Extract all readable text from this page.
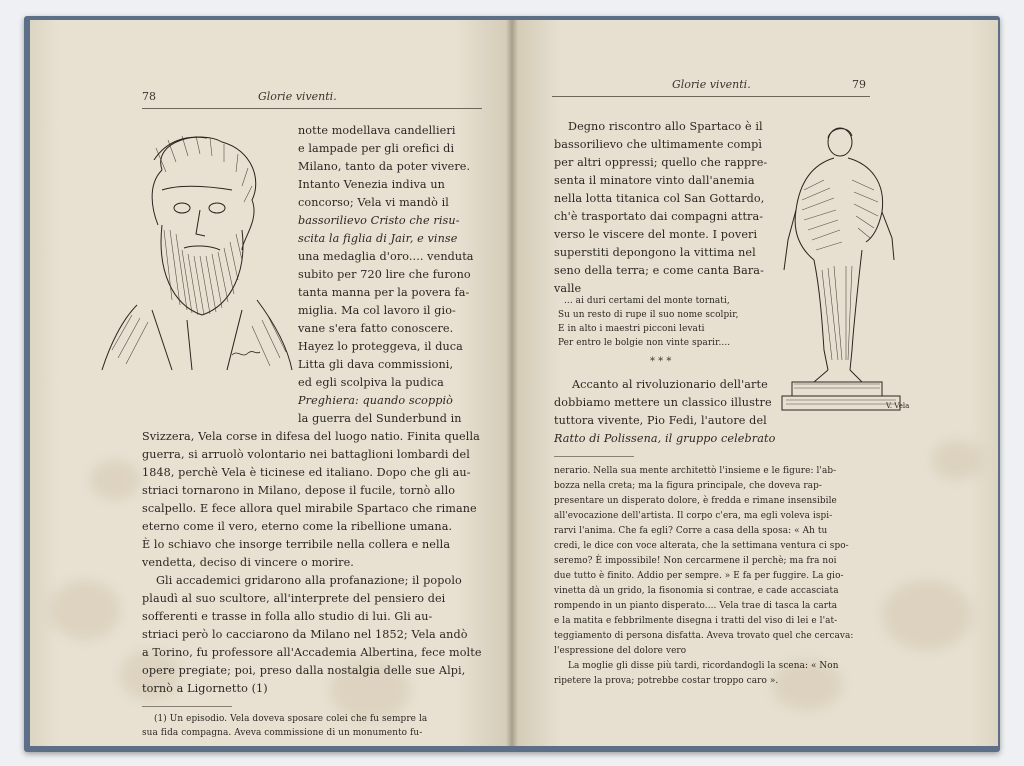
78	Glorie viventi.
notte modellava candellieri
e lampade per gli orefici di
Milano, tanto da poter vivere.
Intanto Venezia indiva un
concorso; Vela vi mandò il
bassorilievo Cristo che risu-
scita la figlia di Jair, e vinse
una medaglia d'oro.... venduta
subito per 720 lire che furono
tanta manna per la povera fa-
miglia. Ma col lavoro il gio-
vane s'era fatto conoscere.
Hayez lo proteggeva, il duca
Litta gli dava commissioni,
ed egli scolpiva la pudica
Preghiera: quando scoppiò
la guerra del Sunderbund in
Svizzera, Vela corse in difesa del luogo natio. Finita quella
guerra, si arruolò volontario nei battaglioni lombardi del
1848, perchè Vela è ticinese ed italiano. Dopo che gli au-
striaci tornarono in Milano, depose il fucile, tornò allo
scalpello. E fece allora quel mirabile Spartaco che rimane
eterno come il vero, eterno come la ribellione umana.
È lo schiavo che insorge terribile nella collera e nella
vendetta, deciso di vincere o morire.
Gli accademici gridarono alla profanazione; il popolo
plaudì al suo scultore, all'interprete del pensiero dei
sofferenti e trasse in folla allo studio di lui. Gli au-
striaci però lo cacciarono da Milano nel 1852; Vela andò
a Torino, fu professore all'Accademia Albertina, fece molte
opere pregiate; poi, preso dalla nostalgia delle sue Alpi,
tornò a Ligornetto (1)
(1) Un episodio. Vela doveva sposare colei che fu sempre la
sua fida compagna. Aveva commissione di un monumento fu-
Glorie viventi.	79
V. Vela
Degno riscontro allo Spartaco è il
bassorilievo che ultimamente compì
per altri oppressi; quello che rappre-
senta il minatore vinto dall'anemia
nella lotta titanica col San Gottardo,
ch'è trasportato dai compagni attra-
verso le viscere del monte. I poveri
superstiti depongono la vittima nel
seno della terra; e come canta Bara-
valle
... ai duri certami del monte tornati,
Su un resto di rupe il suo nome scolpir,
E in alto i maestri picconi levati
Per entro le bolgie non vinte sparir....
* * *
Accanto al rivoluzionario dell'arte
dobbiamo mettere un classico illustre
tuttora vivente, Pio Fedi, l'autore del
Ratto di Polissena, il gruppo celebrato
nerario. Nella sua mente architettò l'insieme e le figure: l'ab-
bozza nella creta; ma la figura principale, che doveva rap-
presentare un disperato dolore, è fredda e rimane insensibile
all'evocazione dell'artista. Il corpo c'era, ma egli voleva ispi-
rarvi l'anima. Che fa egli? Corre a casa della sposa: « Ah tu
credi, le dice con voce alterata, che la settimana ventura ci spo-
seremo? È impossibile! Non cercarmene il perchè; ma fra noi
due tutto è finito. Addio per sempre. » E fa per fuggire. La gio-
vinetta dà un grido, la fisonomia si contrae, e cade accasciata
rompendo in un pianto disperato.... Vela trae di tasca la carta
e la matita e febbrilmente disegna i tratti del viso di lei e l'at-
teggiamento di persona disfatta. Aveva trovato quel che cercava:
l'espressione del dolore vero
La moglie gli disse più tardi, ricordandogli la scena: « Non
ripetere la prova; potrebbe costar troppo caro ».
